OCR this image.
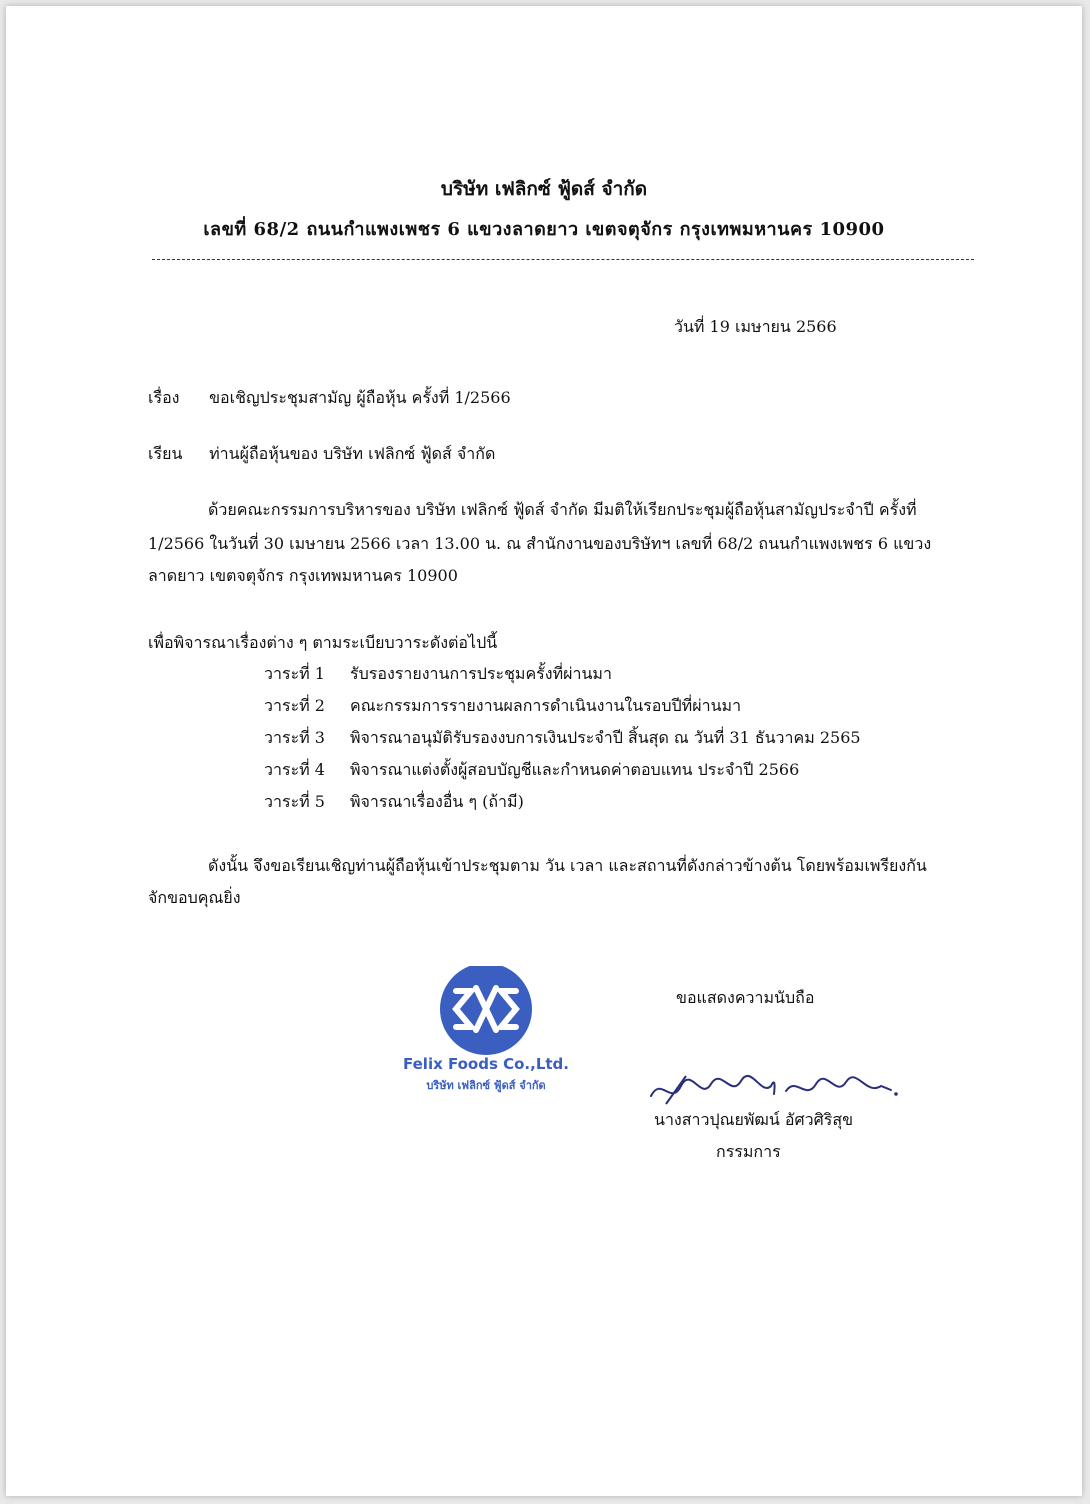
บริษัท เฟลิกซ์ ฟู้ดส์ จำกัด
เลขที่ 68/2 ถนนกำแพงเพชร 6 แขวงลาดยาว เขตจตุจักร กรุงเทพมหานคร 10900
วันที่ 19 เมษายน 2566
เรื่อง ขอเชิญประชุมสามัญ ผู้ถือหุ้น ครั้งที่ 1/2566
เรียน ท่านผู้ถือหุ้นของ บริษัท เฟลิกซ์ ฟู้ดส์ จำกัด
ด้วยคณะกรรมการบริหารของ บริษัท เฟลิกซ์ ฟู้ดส์ จำกัด มีมติให้เรียกประชุมผู้ถือหุ้นสามัญประจำปี ครั้งที่
1/2566 ในวันที่ 30 เมษายน 2566 เวลา 13.00 น. ณ สำนักงานของบริษัทฯ เลขที่ 68/2 ถนนกำแพงเพชร 6 แขวง
ลาดยาว เขตจตุจักร กรุงเทพมหานคร 10900
เพื่อพิจารณาเรื่องต่าง ๆ ตามระเบียบวาระดังต่อไปนี้
วาระที่ 1 รับรองรายงานการประชุมครั้งที่ผ่านมา
วาระที่ 2 คณะกรรมการรายงานผลการดำเนินงานในรอบปีที่ผ่านมา
วาระที่ 3 พิจารณาอนุมัติรับรองงบการเงินประจำปี สิ้นสุด ณ วันที่ 31 ธันวาคม 2565
วาระที่ 4 พิจารณาแต่งตั้งผู้สอบบัญชีและกำหนดค่าตอบแทน ประจำปี 2566
วาระที่ 5 พิจารณาเรื่องอื่น ๆ (ถ้ามี)
ดังนั้น จึงขอเรียนเชิญท่านผู้ถือหุ้นเข้าประชุมตาม วัน เวลา และสถานที่ดังกล่าวข้างต้น โดยพร้อมเพรียงกัน
จักขอบคุณยิ่ง
Felix Foods Co.,Ltd.
บริษัท เฟลิกซ์ ฟู้ดส์ จำกัด
ขอแสดงความนับถือ
นางสาวปุณยพัฒน์ อัศวศิริสุข
กรรมการ
